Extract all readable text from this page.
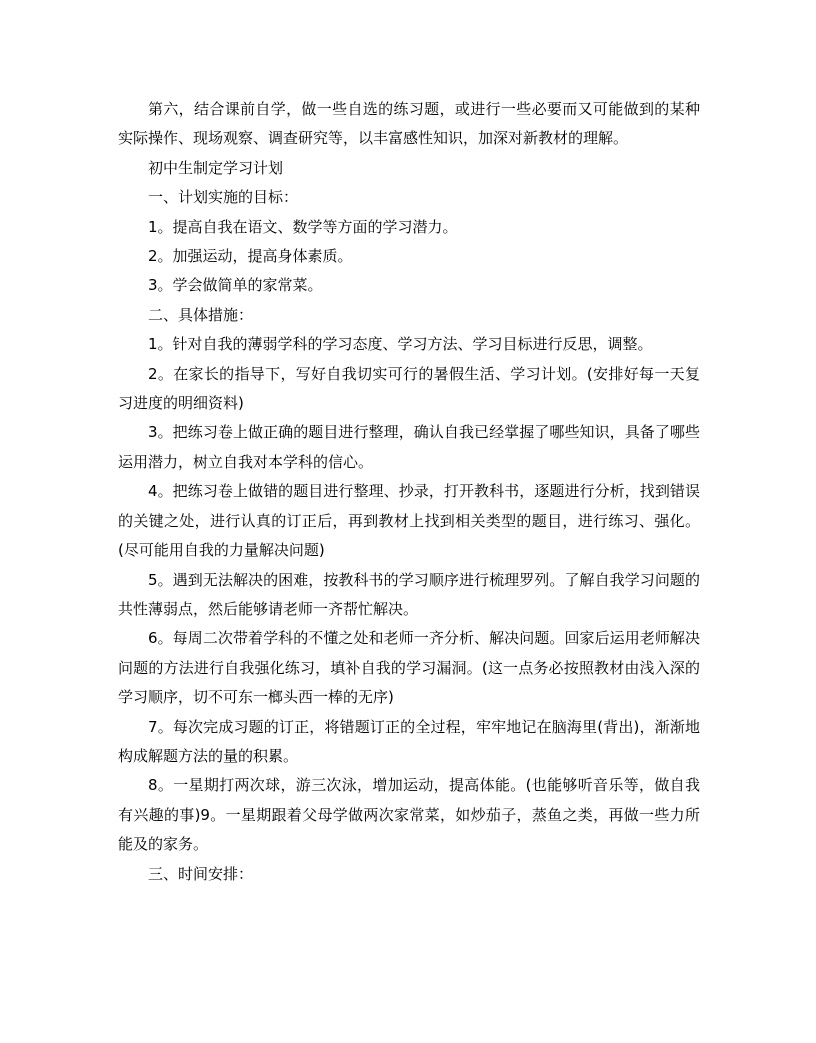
第六，结合课前自学，做一些自选的练习题，或进行一些必要而又可能做到的某种实际操作、现场观察、调查研究等，以丰富感性知识，加深对新教材的理解。

初中生制定学习计划

一、计划实施的目标：

1。提高自我在语文、数学等方面的学习潜力。

2。加强运动，提高身体素质。

3。学会做简单的家常菜。

二、具体措施：

1。针对自我的薄弱学科的学习态度、学习方法、学习目标进行反思，调整。

2。在家长的指导下，写好自我切实可行的暑假生活、学习计划。(安排好每一天复习进度的明细资料)

3。把练习卷上做正确的题目进行整理，确认自我已经掌握了哪些知识，具备了哪些运用潜力，树立自我对本学科的信心。

4。把练习卷上做错的题目进行整理、抄录，打开教科书，逐题进行分析，找到错误的关键之处，进行认真的订正后，再到教材上找到相关类型的题目，进行练习、强化。(尽可能用自我的力量解决问题)

5。遇到无法解决的困难，按教科书的学习顺序进行梳理罗列。了解自我学习问题的共性薄弱点，然后能够请老师一齐帮忙解决。

6。每周二次带着学科的不懂之处和老师一齐分析、解决问题。回家后运用老师解决问题的方法进行自我强化练习，填补自我的学习漏洞。(这一点务必按照教材由浅入深的学习顺序，切不可东一榔头西一棒的无序)

7。每次完成习题的订正，将错题订正的全过程，牢牢地记在脑海里(背出)，渐渐地构成解题方法的量的积累。

8。一星期打两次球，游三次泳，增加运动，提高体能。(也能够听音乐等，做自我有兴趣的事)9。一星期跟着父母学做两次家常菜，如炒茄子，蒸鱼之类，再做一些力所能及的家务。

三、时间安排：
